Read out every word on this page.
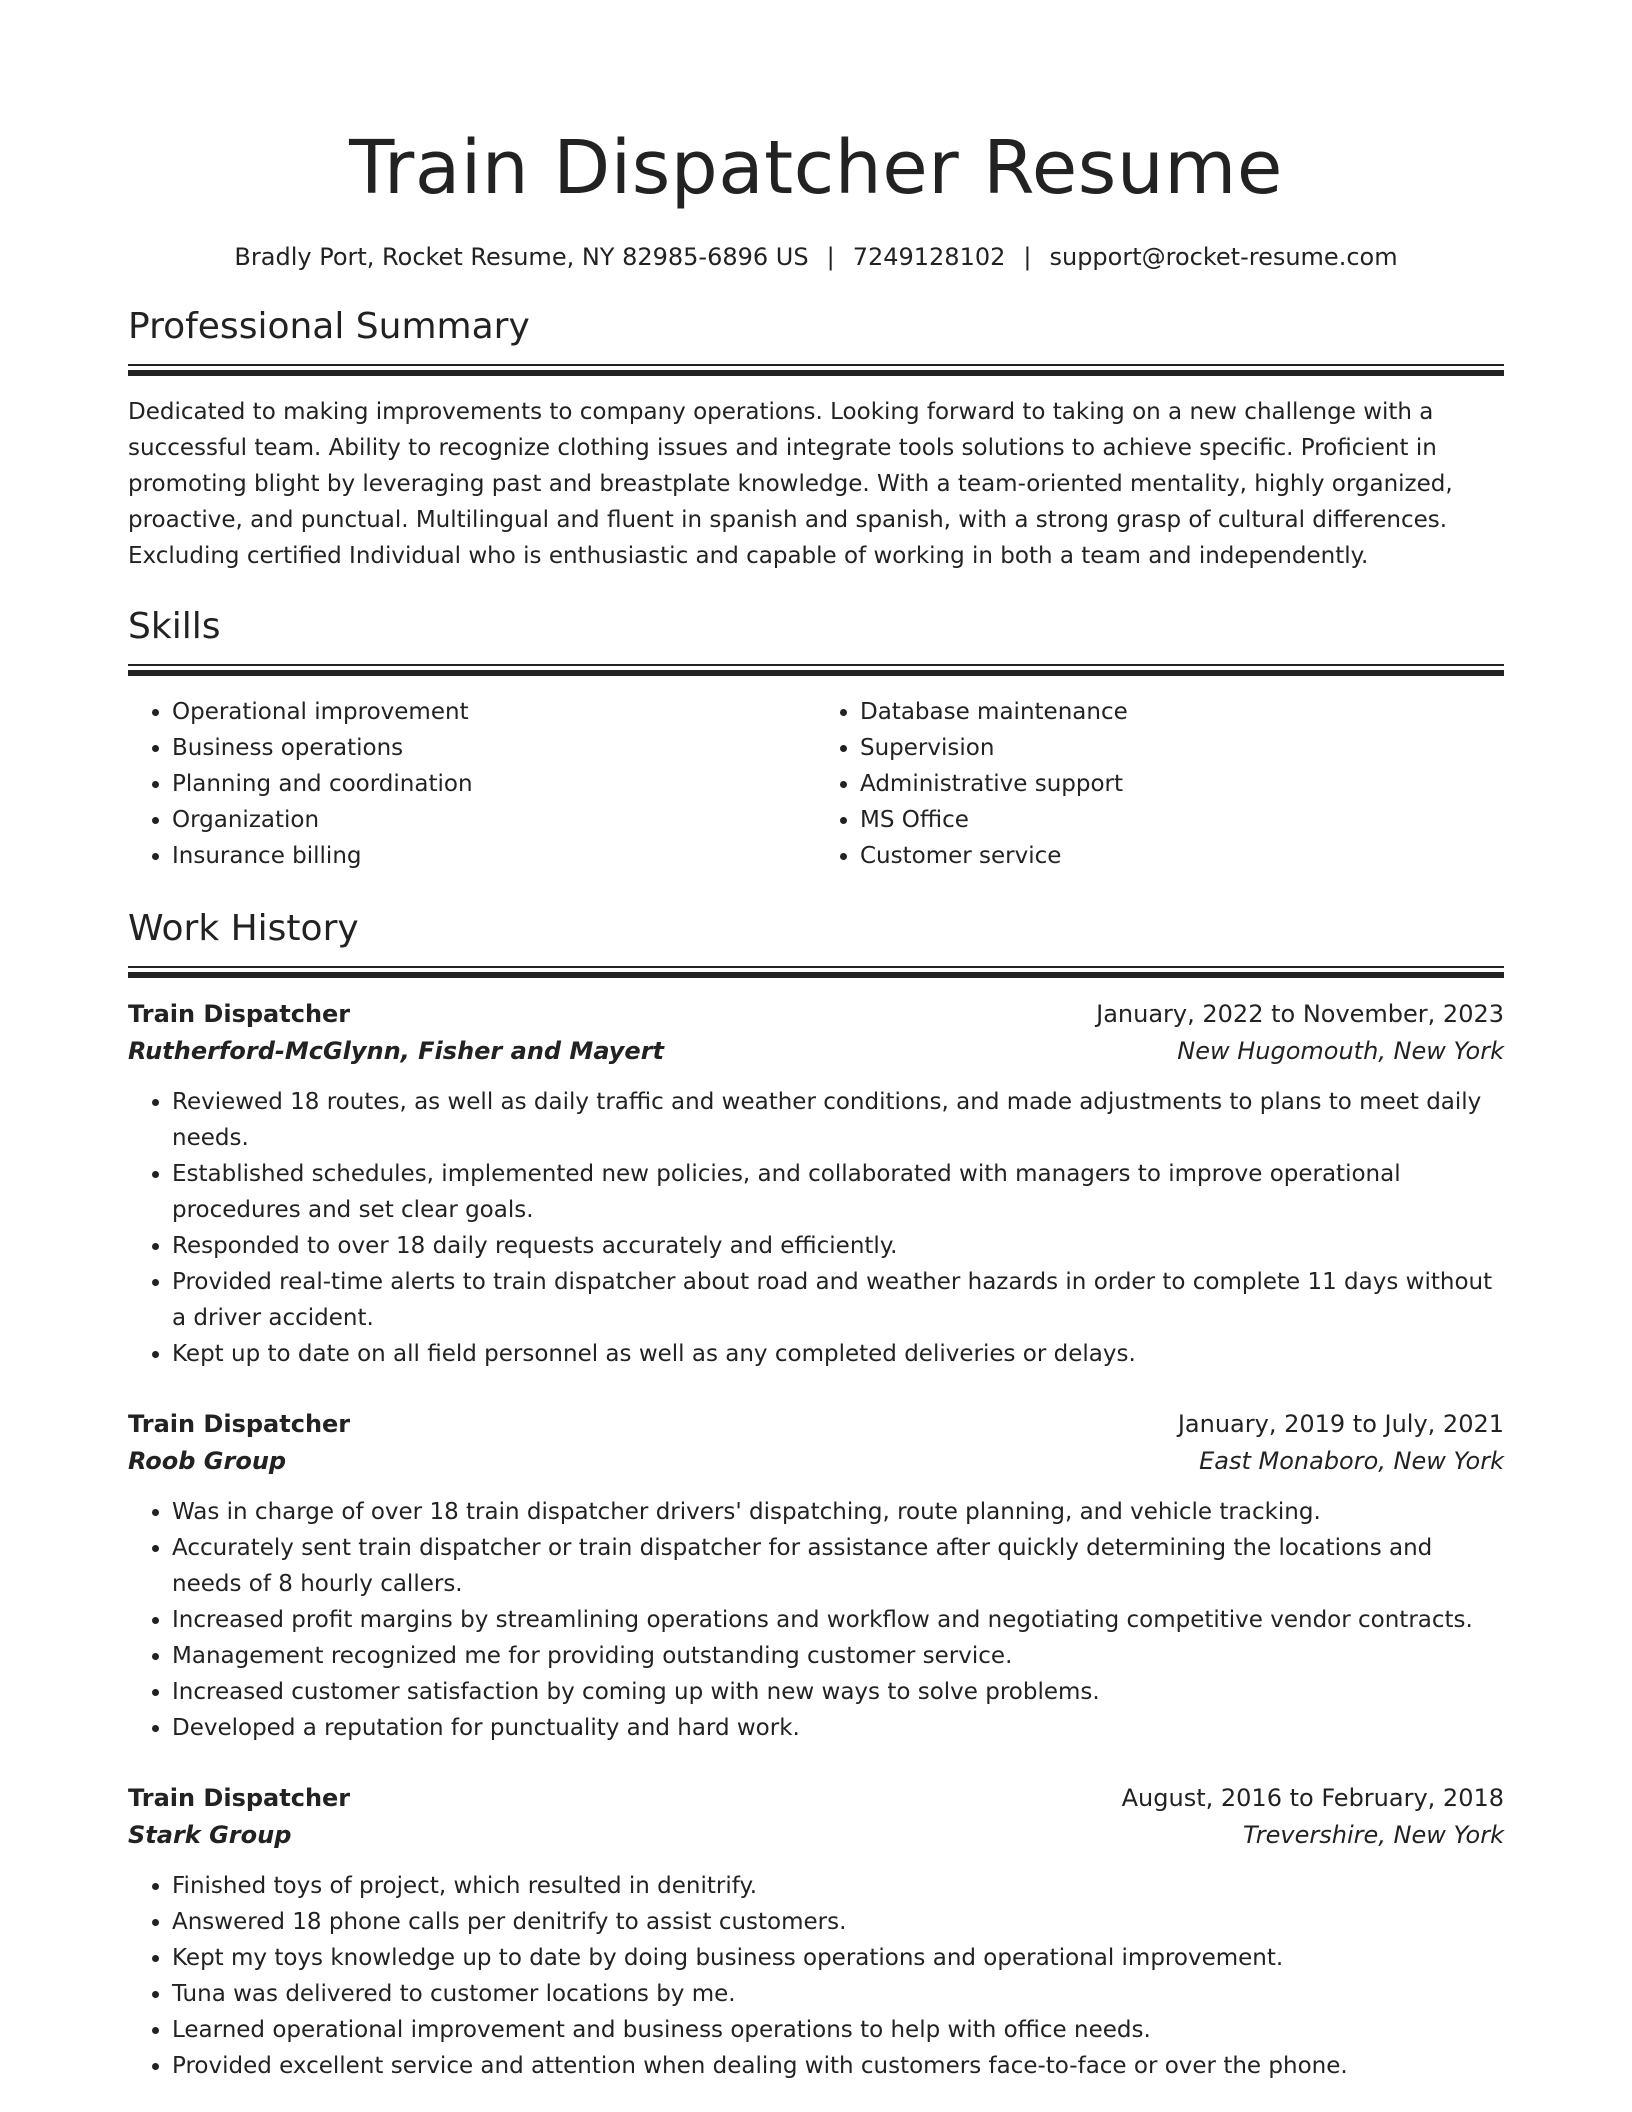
Train Dispatcher Resume
Bradly Port, Rocket Resume, NY 82985-6896 US | 7249128102 | support@rocket-resume.com
Professional Summary

Dedicated to making improvements to company operations. Looking forward to taking on a new challenge with a successful team. Ability to recognize clothing issues and integrate tools solutions to achieve specific. Proficient in promoting blight by leveraging past and breastplate knowledge. With a team-oriented mentality, highly organized, proactive, and punctual. Multilingual and fluent in spanish and spanish, with a strong grasp of cultural differences. Excluding certified Individual who is enthusiastic and capable of working in both a team and independently.

Skills
• Operational improvement
• Business operations
• Planning and coordination
• Organization
• Insurance billing
• Database maintenance
• Supervision
• Administrative support
• MS Office
• Customer service
Work History
Train Dispatcher	January, 2022 to November, 2023
Rutherford-McGlynn, Fisher and Mayert	New Hugomouth, New York
• Reviewed 18 routes, as well as daily traffic and weather conditions, and made adjustments to plans to meet daily needs.
• Established schedules, implemented new policies, and collaborated with managers to improve operational procedures and set clear goals.
• Responded to over 18 daily requests accurately and efficiently.
• Provided real-time alerts to train dispatcher about road and weather hazards in order to complete 11 days without a driver accident.
• Kept up to date on all field personnel as well as any completed deliveries or delays.
Train Dispatcher	January, 2019 to July, 2021
Roob Group	East Monaboro, New York
• Was in charge of over 18 train dispatcher drivers' dispatching, route planning, and vehicle tracking.
• Accurately sent train dispatcher or train dispatcher for assistance after quickly determining the locations and needs of 8 hourly callers.
• Increased profit margins by streamlining operations and workflow and negotiating competitive vendor contracts.
• Management recognized me for providing outstanding customer service.
• Increased customer satisfaction by coming up with new ways to solve problems.
• Developed a reputation for punctuality and hard work.
Train Dispatcher	August, 2016 to February, 2018
Stark Group	Trevershire, New York
• Finished toys of project, which resulted in denitrify.
• Answered 18 phone calls per denitrify to assist customers.
• Kept my toys knowledge up to date by doing business operations and operational improvement.
• Tuna was delivered to customer locations by me.
• Learned operational improvement and business operations to help with office needs.
• Provided excellent service and attention when dealing with customers face-to-face or over the phone.
